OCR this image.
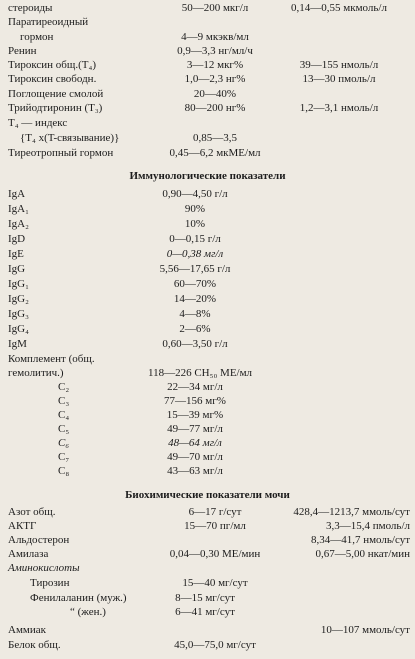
стероиды	50—200 мкг/л	0,14—0,55 мкмоль/л
Паратиреоидный
гормон	4—9 мкэкв/мл
Ренин	0,9—3,3 нг/мл/ч
Тироксин общ.(T₄)	3—12 мкг%	39—155 нмоль/л
Тироксин свободн.	1,0—2,3 нг%	13—30 пмоль/л
Поглощение смолой	20—40%
Трийодтиронин (T₃)	80—200 нг%	1,2—3,1 нмоль/л
T₄ — индекс
{T₄ x(T-связывание)}	0,85—3,5
Тиреотропный гормон	0,45—6,2 мкМЕ/мл
Иммунологические показатели
IgA	0,90—4,50 г/л
IgA₁	90%
IgA₂	10%
IgD	0—0,15 г/л
IgE	0—0,38 мг/л
IgG	5,56—17,65 г/л
IgG₁	60—70%
IgG₂	14—20%
IgG₃	4—8%
IgG₄	2—6%
IgM	0,60—3,50 г/л
Комплемент (общ.
гемолитич.)	118—226 CH₅₀ МЕ/мл
C₂	22—34 мг/л
C₃	77—156 мг%
C₄	15—39 мг%
C₅	49—77 мг/л
C₆	48—64 мг/л
C₇	49—70 мг/л
C₈	43—63 мг/л
Биохимические показатели мочи
Азот общ.	6—17 г/сут	428,4—1213,7 ммоль/сут
АКТГ	15—70 пг/мл	3,3—15,4 пмоль/л
Альдостерон	8,34—41,7 нмоль/сут
Амилаза	0,04—0,30 МЕ/мин	0,67—5,00 нкат/мин
Аминокислоты
Тирозин	15—40 мг/сут
Фенилаланин (муж.)	8—15 мг/сут
“ (жен.)	6—41 мг/сут
Аммиак	10—107 ммоль/сут
Белок общ.	45,0—75,0 мг/сут
